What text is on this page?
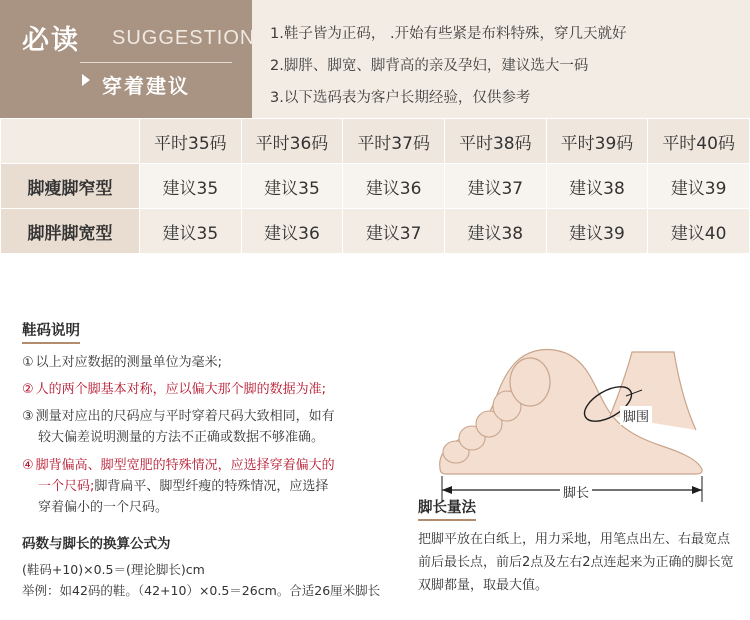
必读 SUGGESTION
穿着建议
1.鞋子皆为正码， .开始有些紧是布料特殊，穿几天就好
2.脚胖、脚宽、脚背高的亲及孕妇，建议选大一码
3.以下选码表为客户长期经验，仅供参考
	平时35码	平时36码	平时37码	平时38码	平时39码	平时40码
脚瘦脚窄型	建议35	建议35	建议36	建议37	建议38	建议39
脚胖脚宽型	建议35	建议36	建议37	建议38	建议39	建议40
鞋码说明
① 以上对应数据的测量单位为毫米;
② 人的两个脚基本对称，应以偏大那个脚的数据为准;
③ 测量对应出的尺码应与平时穿着尺码大致相同，如有
较大偏差说明测量的方法不正确或数据不够准确。
④ 脚背偏高、脚型宽肥的特殊情况，应选择穿着偏大的
一个尺码;脚背扁平、脚型纤瘦的特殊情况，应选择
穿着偏小的一个尺码。
码数与脚长的换算公式为
(鞋码+10)×0.5＝(理论脚长)cm
举例：如42码的鞋。（42+10）×0.5＝26cm。合适26厘米脚长
脚围
脚长
脚长量法
把脚平放在白纸上，用力采地，用笔点出左、右最宽点前后最长点，前后2点及左右2点连起来为正确的脚长宽双脚都量，取最大值。
